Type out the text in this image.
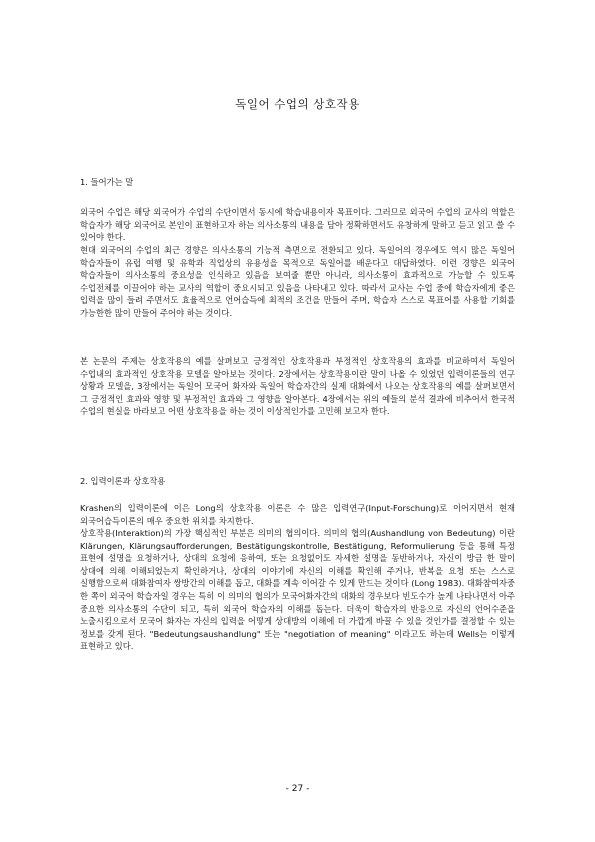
독일어 수업의 상호작용
1. 들어가는 말

외국어 수업은 해당 외국어가 수업의 수단이면서 동시에 학습내용이자 목표이다. 그러므로 외국어 수업의 교사의 역할은 학습자가 해당 외국어로 본인이 표현하고자 하는 의사소통의 내용을 담아 정확하면서도 유창하게 말하고 듣고 읽고 쓸 수 있어야 한다.

현대 외국어의 수업의 최근 경향은 의사소통의 기능적 측면으로 전환되고 있다. 독일어의 경우에도 역시 많은 독일어 학습자들이 유럽 여행 및 유학과 직업상의 유용성을 목적으로 독일어를 배운다고 대답하였다. 이런 경향은 외국어 학습자들이 의사소통의 중요성을 인식하고 있음을 보여줄 뿐만 아니라, 의사소통이 효과적으로 가능할 수 있도록 수업전체를 이끌어야 하는 교사의 역할이 중요시되고 있음을 나타내고 있다. 따라서 교사는 수업 중에 학습자에게 좋은 입력을 많이 들려 주면서도 효율적으로 언어습득에 최적의 조건을 만들어 주며, 학습자 스스로 목표어를 사용할 기회를 가능한한 많이 만들어 주어야 하는 것이다.

본 논문의 주제는 상호작용의 예를 살펴보고 긍정적인 상호작용과 부정적인 상호작용의 효과를 비교하여서 독일어 수업내의 효과적인 상호작용 모델을 알아보는 것이다. 2장에서는 상호작용이란 말이 나올 수 있었던 입력이론들의 연구 상황과 모델을, 3장에서는 독일어 모국어 화자와 독일어 학습자간의 실제 대화에서 나오는 상호작용의 예를 살펴보면서 그 긍정적인 효과와 영향 및 부정적인 효과와 그 영향을 알아본다. 4장에서는 위의 예들의 분석 결과에 비추어서 한국적 수업의 현실을 바라보고 어떤 상호작용을 하는 것이 이상적인가를 고민해 보고자 한다.

2. 입력이론과 상호작용

Krashen의 입력이론에 이은 Long의 상호작용 이론은 수 많은 입력연구(Input-Forschung)로 이어지면서 현재 외국어습득이론의 매우 중요한 위치를 차지한다.

상호작용(Interaktion)의 가장 핵심적인 부분은 의미의 협의이다. 의미의 협의(Aushandlung von Bedeutung) 이란 Klärungen, Klärungsaufforderungen, Bestätigungskontrolle, Bestätigung, Reformulierung 등을 통해 특정 표현에 설명을 요청하거나, 상대의 요청에 응하여, 또는 요청없이도 자세한 설명을 동반하거나, 자신이 방금 한 말이 상대에 의해 이해되었는지 확인하거나, 상대의 이야기에 자신의 이해를 확인해 주거나, 반복을 요청 또는 스스로 실행함으로써 대화참여자 쌍방간의 이해를 돕고, 대화를 계속 이어갈 수 있게 만드는 것이다 (Long 1983). 대화참여자중 한 쪽이 외국어 학습자일 경우는 특히 이 의미의 협의가 모국어화자간의 대화의 경우보다 빈도수가 높게 나타나면서 아주 중요한 의사소통의 수단이 되고, 특히 외국어 학습자의 이해를 돕는다. 더욱이 학습자의 반응으로 자신의 언어수준을 노출시킴으로서 모국어 화자는 자신의 입력을 어떻게 상대방의 이해에 더 가깝게 바꿀 수 있을 것인가를 결정할 수 있는 정보를 갖게 된다. "Bedeutungsaushandlung" 또는 "negotiation of meaning" 이라고도 하는데 Wells는 이렇게 표현하고 있다.

- 27 -
